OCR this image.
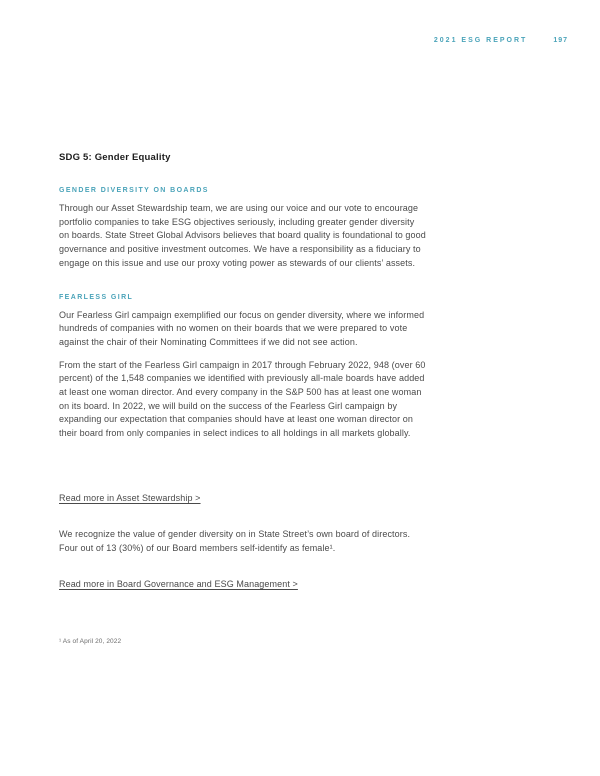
2021 ESG REPORT	197
SDG 5: Gender Equality
GENDER DIVERSITY ON BOARDS

Through our Asset Stewardship team, we are using our voice and our vote to encourage portfolio companies to take ESG objectives seriously, including greater gender diversity on boards. State Street Global Advisors believes that board quality is foundational to good governance and positive investment outcomes. We have a responsibility as a fiduciary to engage on this issue and use our proxy voting power as stewards of our clients’ assets.

FEARLESS GIRL

Our Fearless Girl campaign exemplified our focus on gender diversity, where we informed hundreds of companies with no women on their boards that we were prepared to vote against the chair of their Nominating Committees if we did not see action.

From the start of the Fearless Girl campaign in 2017 through February 2022, 948 (over 60 percent) of the 1,548 companies we identified with previously all-male boards have added at least one woman director. And every company in the S&P 500 has at least one woman on its board. In 2022, we will build on the success of the Fearless Girl campaign by expanding our expectation that companies should have at least one woman director on their board from only companies in select indices to all holdings in all markets globally.

Read more in Asset Stewardship >

We recognize the value of gender diversity on in State Street’s own board of directors. Four out of 13 (30%) of our Board members self-identify as female¹.

Read more in Board Governance and ESG Management >

¹ As of April 20, 2022
